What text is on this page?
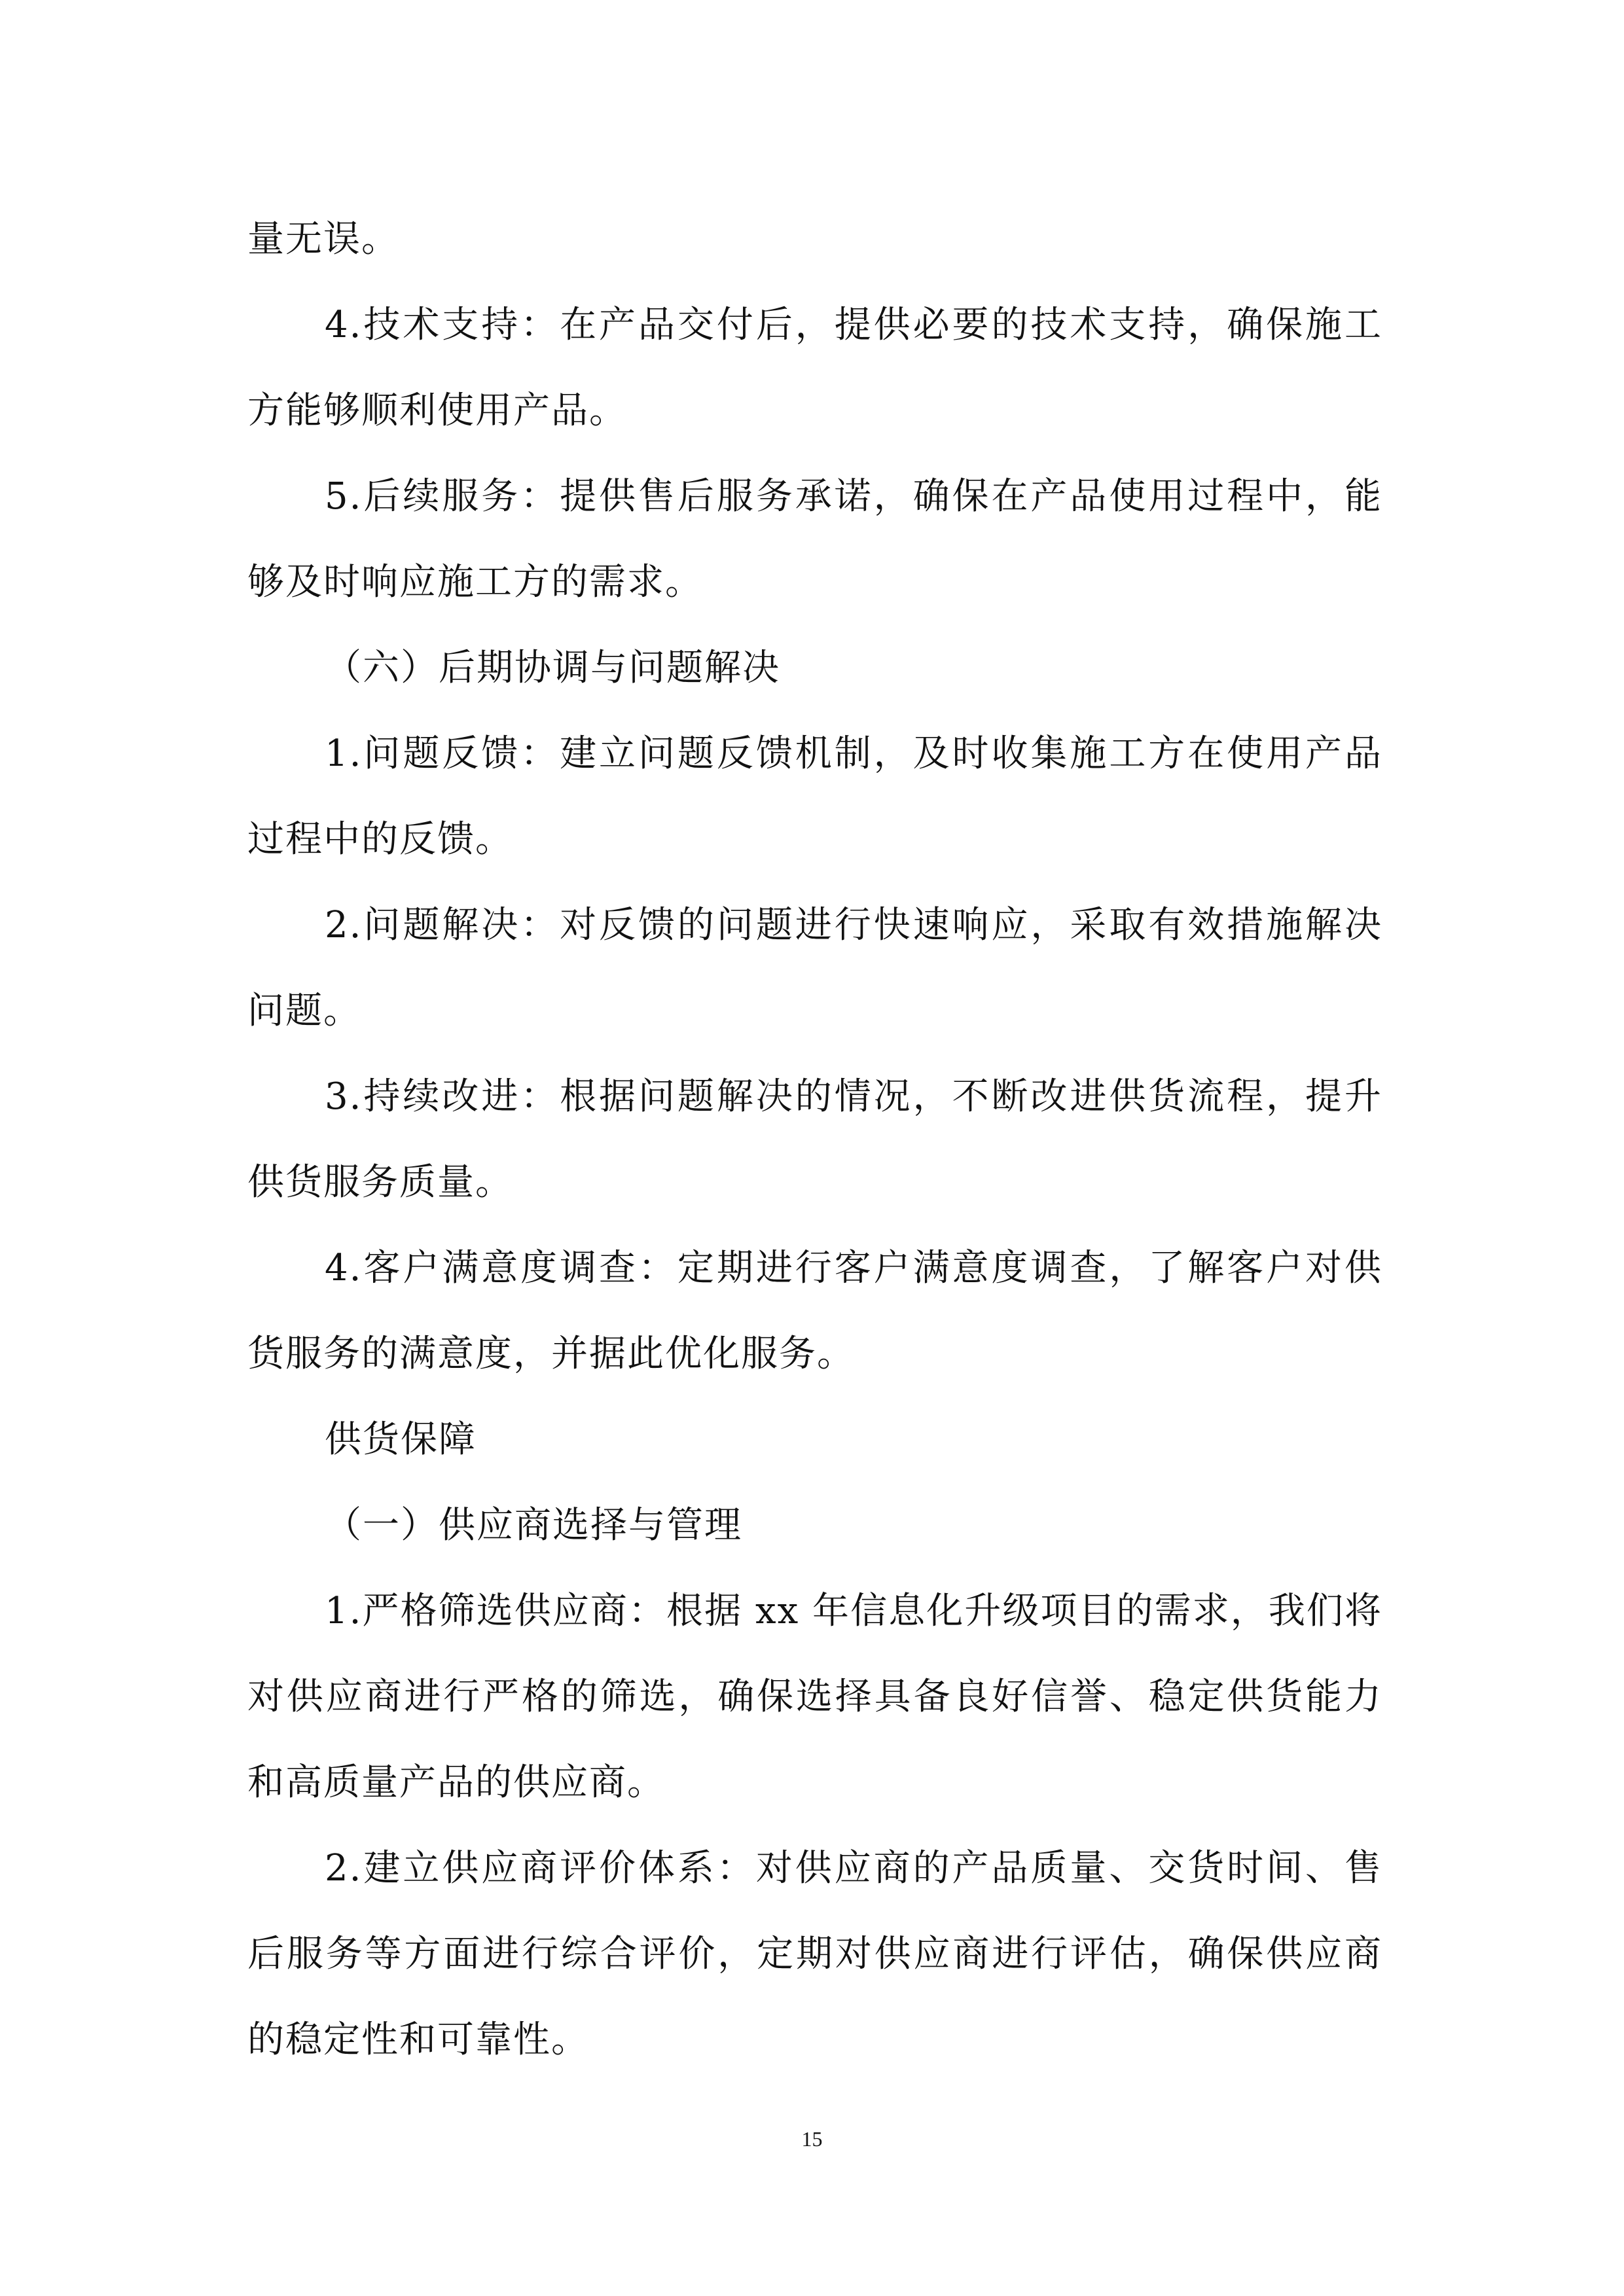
量无误。

4.技术支持：在产品交付后，提供必要的技术支持，确保施工方能够顺利使用产品。

5.后续服务：提供售后服务承诺，确保在产品使用过程中，能够及时响应施工方的需求。

（六）后期协调与问题解决

1.问题反馈：建立问题反馈机制，及时收集施工方在使用产品过程中的反馈。

2.问题解决：对反馈的问题进行快速响应，采取有效措施解决问题。

3.持续改进：根据问题解决的情况，不断改进供货流程，提升供货服务质量。

4.客户满意度调查：定期进行客户满意度调查，了解客户对供货服务的满意度，并据此优化服务。

供货保障

（一）供应商选择与管理

1.严格筛选供应商：根据 xx 年信息化升级项目的需求，我们将对供应商进行严格的筛选，确保选择具备良好信誉、稳定供货能力和高质量产品的供应商。

2.建立供应商评价体系：对供应商的产品质量、交货时间、售后服务等方面进行综合评价，定期对供应商进行评估，确保供应商的稳定性和可靠性。

15
